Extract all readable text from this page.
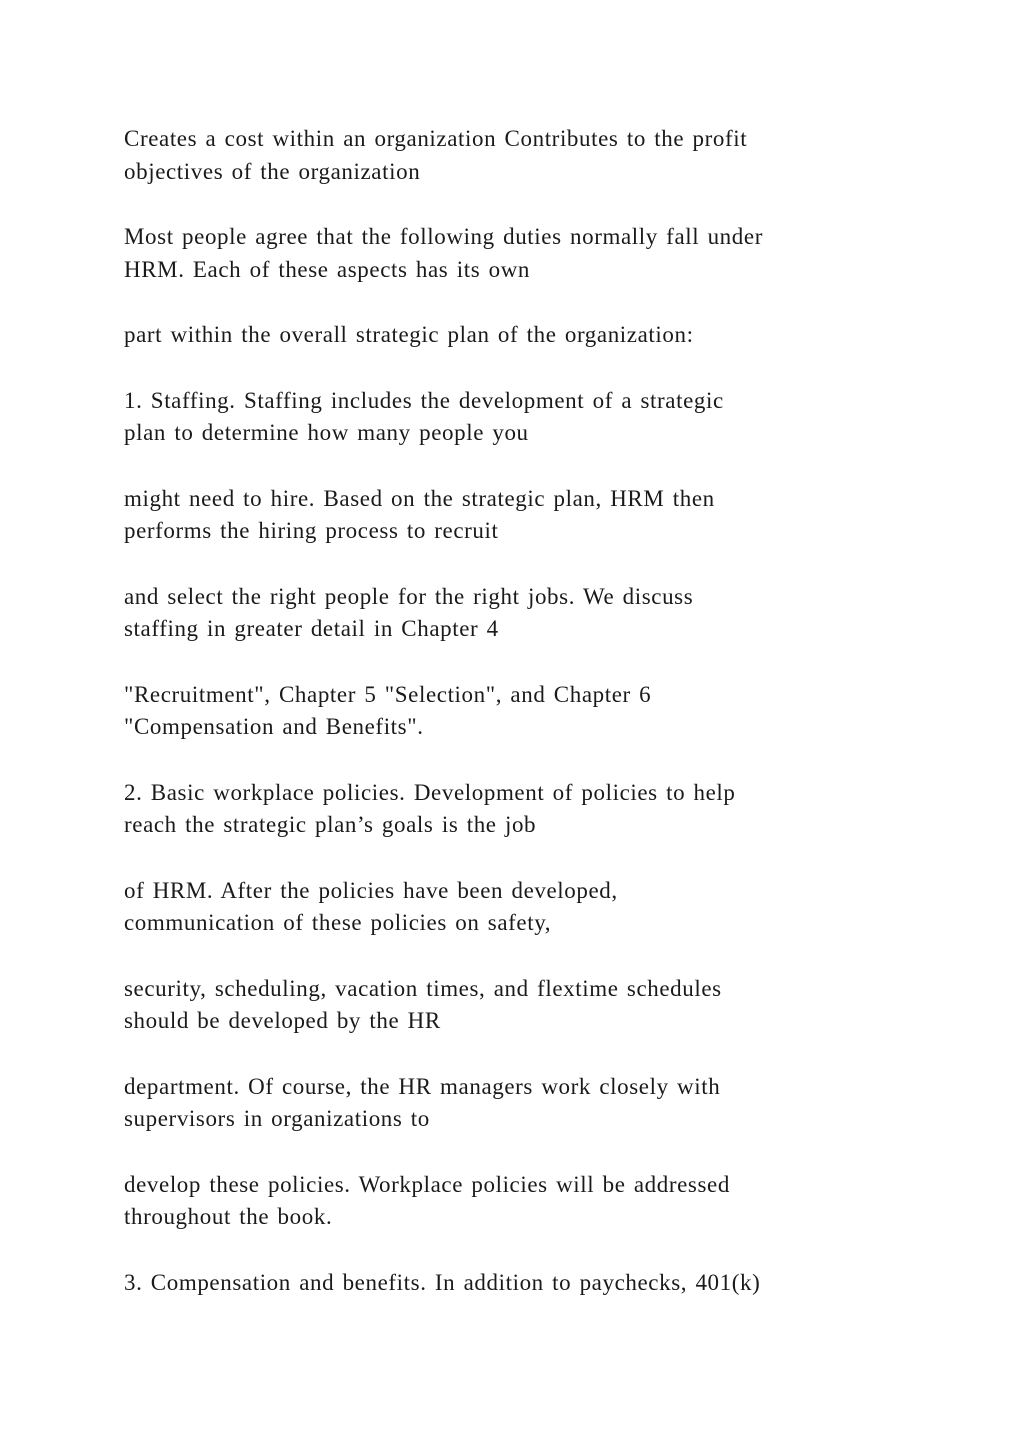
Creates a cost within an organization Contributes to the profit
objectives of the organization

Most people agree that the following duties normally fall under
HRM. Each of these aspects has its own

part within the overall strategic plan of the organization:

1. Staffing. Staffing includes the development of a strategic
plan to determine how many people you

might need to hire. Based on the strategic plan, HRM then
performs the hiring process to recruit

and select the right people for the right jobs. We discuss
staffing in greater detail in Chapter 4

"Recruitment", Chapter 5 "Selection", and Chapter 6
"Compensation and Benefits".

2. Basic workplace policies. Development of policies to help
reach the strategic plan’s goals is the job

of HRM. After the policies have been developed,
communication of these policies on safety,

security, scheduling, vacation times, and flextime schedules
should be developed by the HR

department. Of course, the HR managers work closely with
supervisors in organizations to

develop these policies. Workplace policies will be addressed
throughout the book.

3. Compensation and benefits. In addition to paychecks, 401(k)
